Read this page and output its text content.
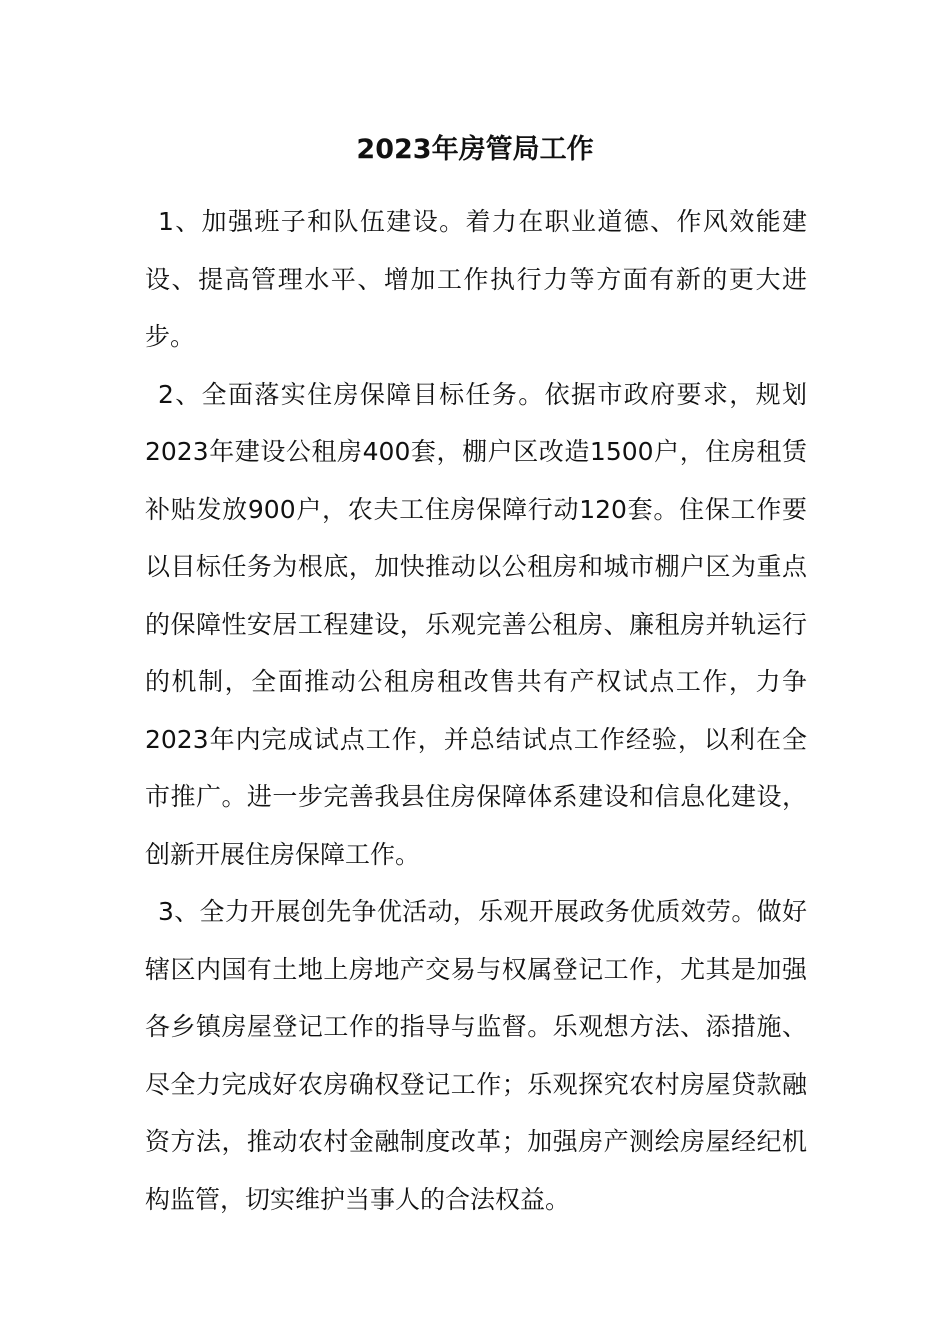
2023年房管局工作

1、加强班子和队伍建设。着力在职业道德、作风效能建设、提高管理水平、增加工作执行力等方面有新的更大进步。

2、全面落实住房保障目标任务。依据市政府要求，规划2023年建设公租房400套，棚户区改造1500户，住房租赁补贴发放900户，农夫工住房保障行动120套。住保工作要以目标任务为根底，加快推动以公租房和城市棚户区为重点的保障性安居工程建设，乐观完善公租房、廉租房并轨运行的机制，全面推动公租房租改售共有产权试点工作，力争2023年内完成试点工作，并总结试点工作经验，以利在全市推广。进一步完善我县住房保障体系建设和信息化建设，创新开展住房保障工作。

3、全力开展创先争优活动，乐观开展政务优质效劳。做好辖区内国有土地上房地产交易与权属登记工作，尤其是加强各乡镇房屋登记工作的指导与监督。乐观想方法、添措施、尽全力完成好农房确权登记工作；乐观探究农村房屋贷款融资方法，推动农村金融制度改革；加强房产测绘房屋经纪机构监管，切实维护当事人的合法权益。
